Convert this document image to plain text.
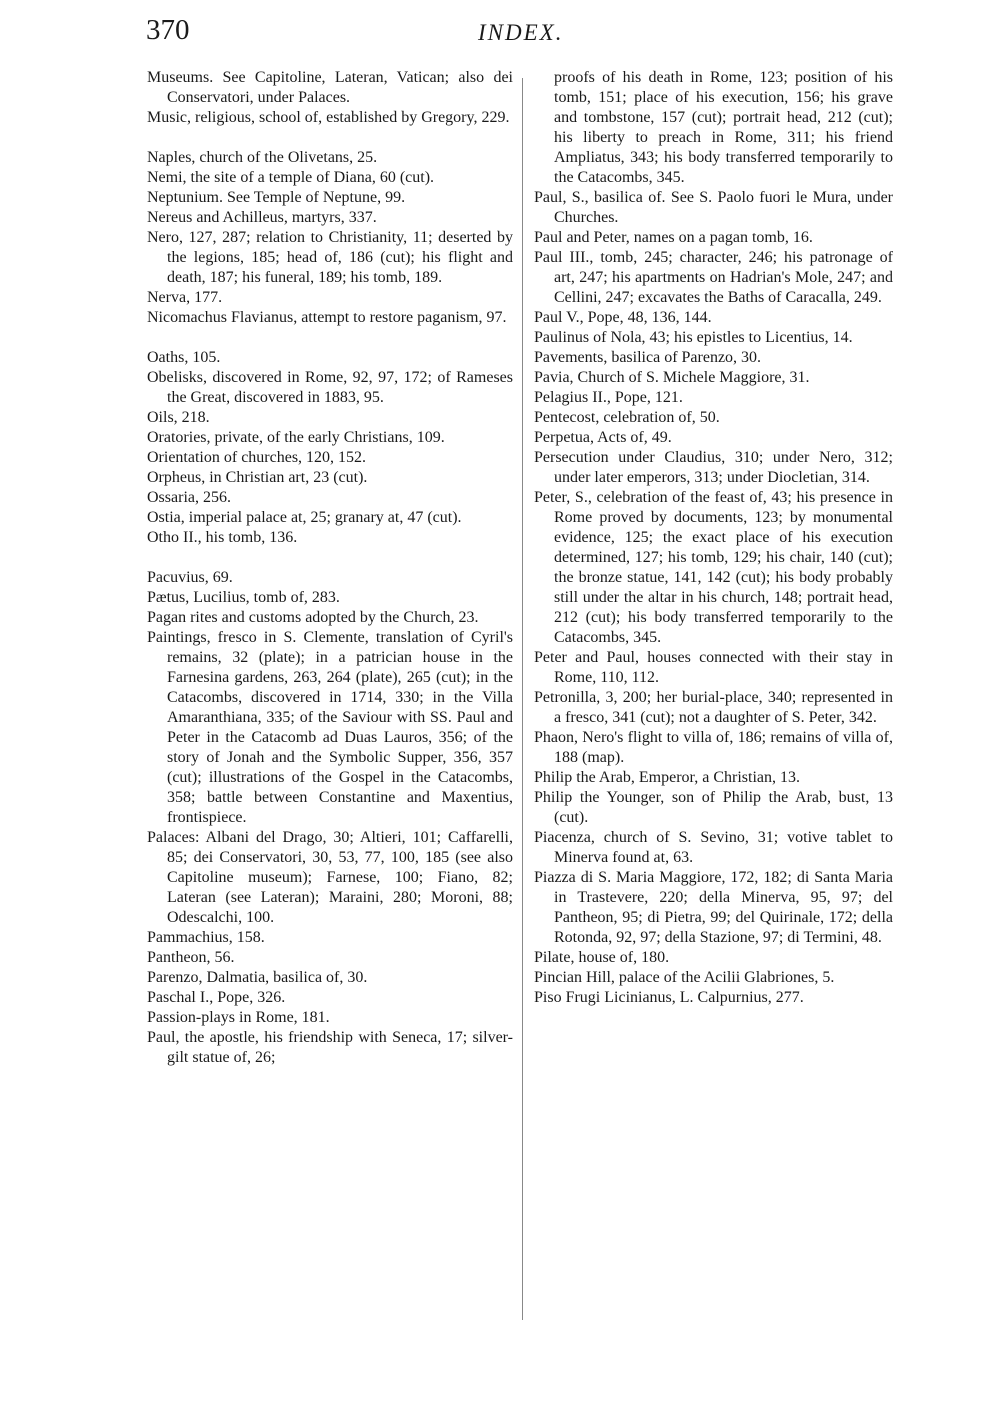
370	INDEX.

Museums. See Capitoline, Lateran, Vatican; also dei Conservatori, under Palaces.

Music, religious, school of, established by Gregory, 229.

Naples, church of the Olivetans, 25.

Nemi, the site of a temple of Diana, 60 (cut).

Neptunium. See Temple of Neptune, 99.

Nereus and Achilleus, martyrs, 337.

Nero, 127, 287; relation to Christianity, 11; deserted by the legions, 185; head of, 186 (cut); his flight and death, 187; his funeral, 189; his tomb, 189.

Nerva, 177.

Nicomachus Flavianus, attempt to restore paganism, 97.

Oaths, 105.

Obelisks, discovered in Rome, 92, 97, 172; of Rameses the Great, discovered in 1883, 95.

Oils, 218.

Oratories, private, of the early Christians, 109.

Orientation of churches, 120, 152.

Orpheus, in Christian art, 23 (cut).

Ossaria, 256.

Ostia, imperial palace at, 25; granary at, 47 (cut).

Otho II., his tomb, 136.

Pacuvius, 69.

Pætus, Lucilius, tomb of, 283.

Pagan rites and customs adopted by the Church, 23.

Paintings, fresco in S. Clemente, translation of Cyril's remains, 32 (plate); in a patrician house in the Farnesina gardens, 263, 264 (plate), 265 (cut); in the Catacombs, discovered in 1714, 330; in the Villa Amaranthiana, 335; of the Saviour with SS. Paul and Peter in the Catacomb ad Duas Lauros, 356; of the story of Jonah and the Symbolic Supper, 356, 357 (cut); illustrations of the Gospel in the Catacombs, 358; battle between Constantine and Maxentius, frontispiece.

Palaces: Albani del Drago, 30; Altieri, 101; Caffarelli, 85; dei Conservatori, 30, 53, 77, 100, 185 (see also Capitoline museum); Farnese, 100; Fiano, 82; Lateran (see Lateran); Maraini, 280; Moroni, 88; Odescalchi, 100.

Pammachius, 158.

Pantheon, 56.

Parenzo, Dalmatia, basilica of, 30.

Paschal I., Pope, 326.

Passion-plays in Rome, 181.

Paul, the apostle, his friendship with Seneca, 17; silver-gilt statue of, 26;

proofs of his death in Rome, 123; position of his tomb, 151; place of his execution, 156; his grave and tombstone, 157 (cut); portrait head, 212 (cut); his liberty to preach in Rome, 311; his friend Ampliatus, 343; his body transferred temporarily to the Catacombs, 345.

Paul, S., basilica of. See S. Paolo fuori le Mura, under Churches.

Paul and Peter, names on a pagan tomb, 16.

Paul III., tomb, 245; character, 246; his patronage of art, 247; his apartments on Hadrian's Mole, 247; and Cellini, 247; excavates the Baths of Caracalla, 249.

Paul V., Pope, 48, 136, 144.

Paulinus of Nola, 43; his epistles to Licentius, 14.

Pavements, basilica of Parenzo, 30.

Pavia, Church of S. Michele Maggiore, 31.

Pelagius II., Pope, 121.

Pentecost, celebration of, 50.

Perpetua, Acts of, 49.

Persecution under Claudius, 310; under Nero, 312; under later emperors, 313; under Diocletian, 314.

Peter, S., celebration of the feast of, 43; his presence in Rome proved by documents, 123; by monumental evidence, 125; the exact place of his execution determined, 127; his tomb, 129; his chair, 140 (cut); the bronze statue, 141, 142 (cut); his body probably still under the altar in his church, 148; portrait head, 212 (cut); his body transferred temporarily to the Catacombs, 345.

Peter and Paul, houses connected with their stay in Rome, 110, 112.

Petronilla, 3, 200; her burial-place, 340; represented in a fresco, 341 (cut); not a daughter of S. Peter, 342.

Phaon, Nero's flight to villa of, 186; remains of villa of, 188 (map).

Philip the Arab, Emperor, a Christian, 13.

Philip the Younger, son of Philip the Arab, bust, 13 (cut).

Piacenza, church of S. Sevino, 31; votive tablet to Minerva found at, 63.

Piazza di S. Maria Maggiore, 172, 182; di Santa Maria in Trastevere, 220; della Minerva, 95, 97; del Pantheon, 95; di Pietra, 99; del Quirinale, 172; della Rotonda, 92, 97; della Stazione, 97; di Termini, 48.

Pilate, house of, 180.

Pincian Hill, palace of the Acilii Glabriones, 5.

Piso Frugi Licinianus, L. Calpurnius, 277.
